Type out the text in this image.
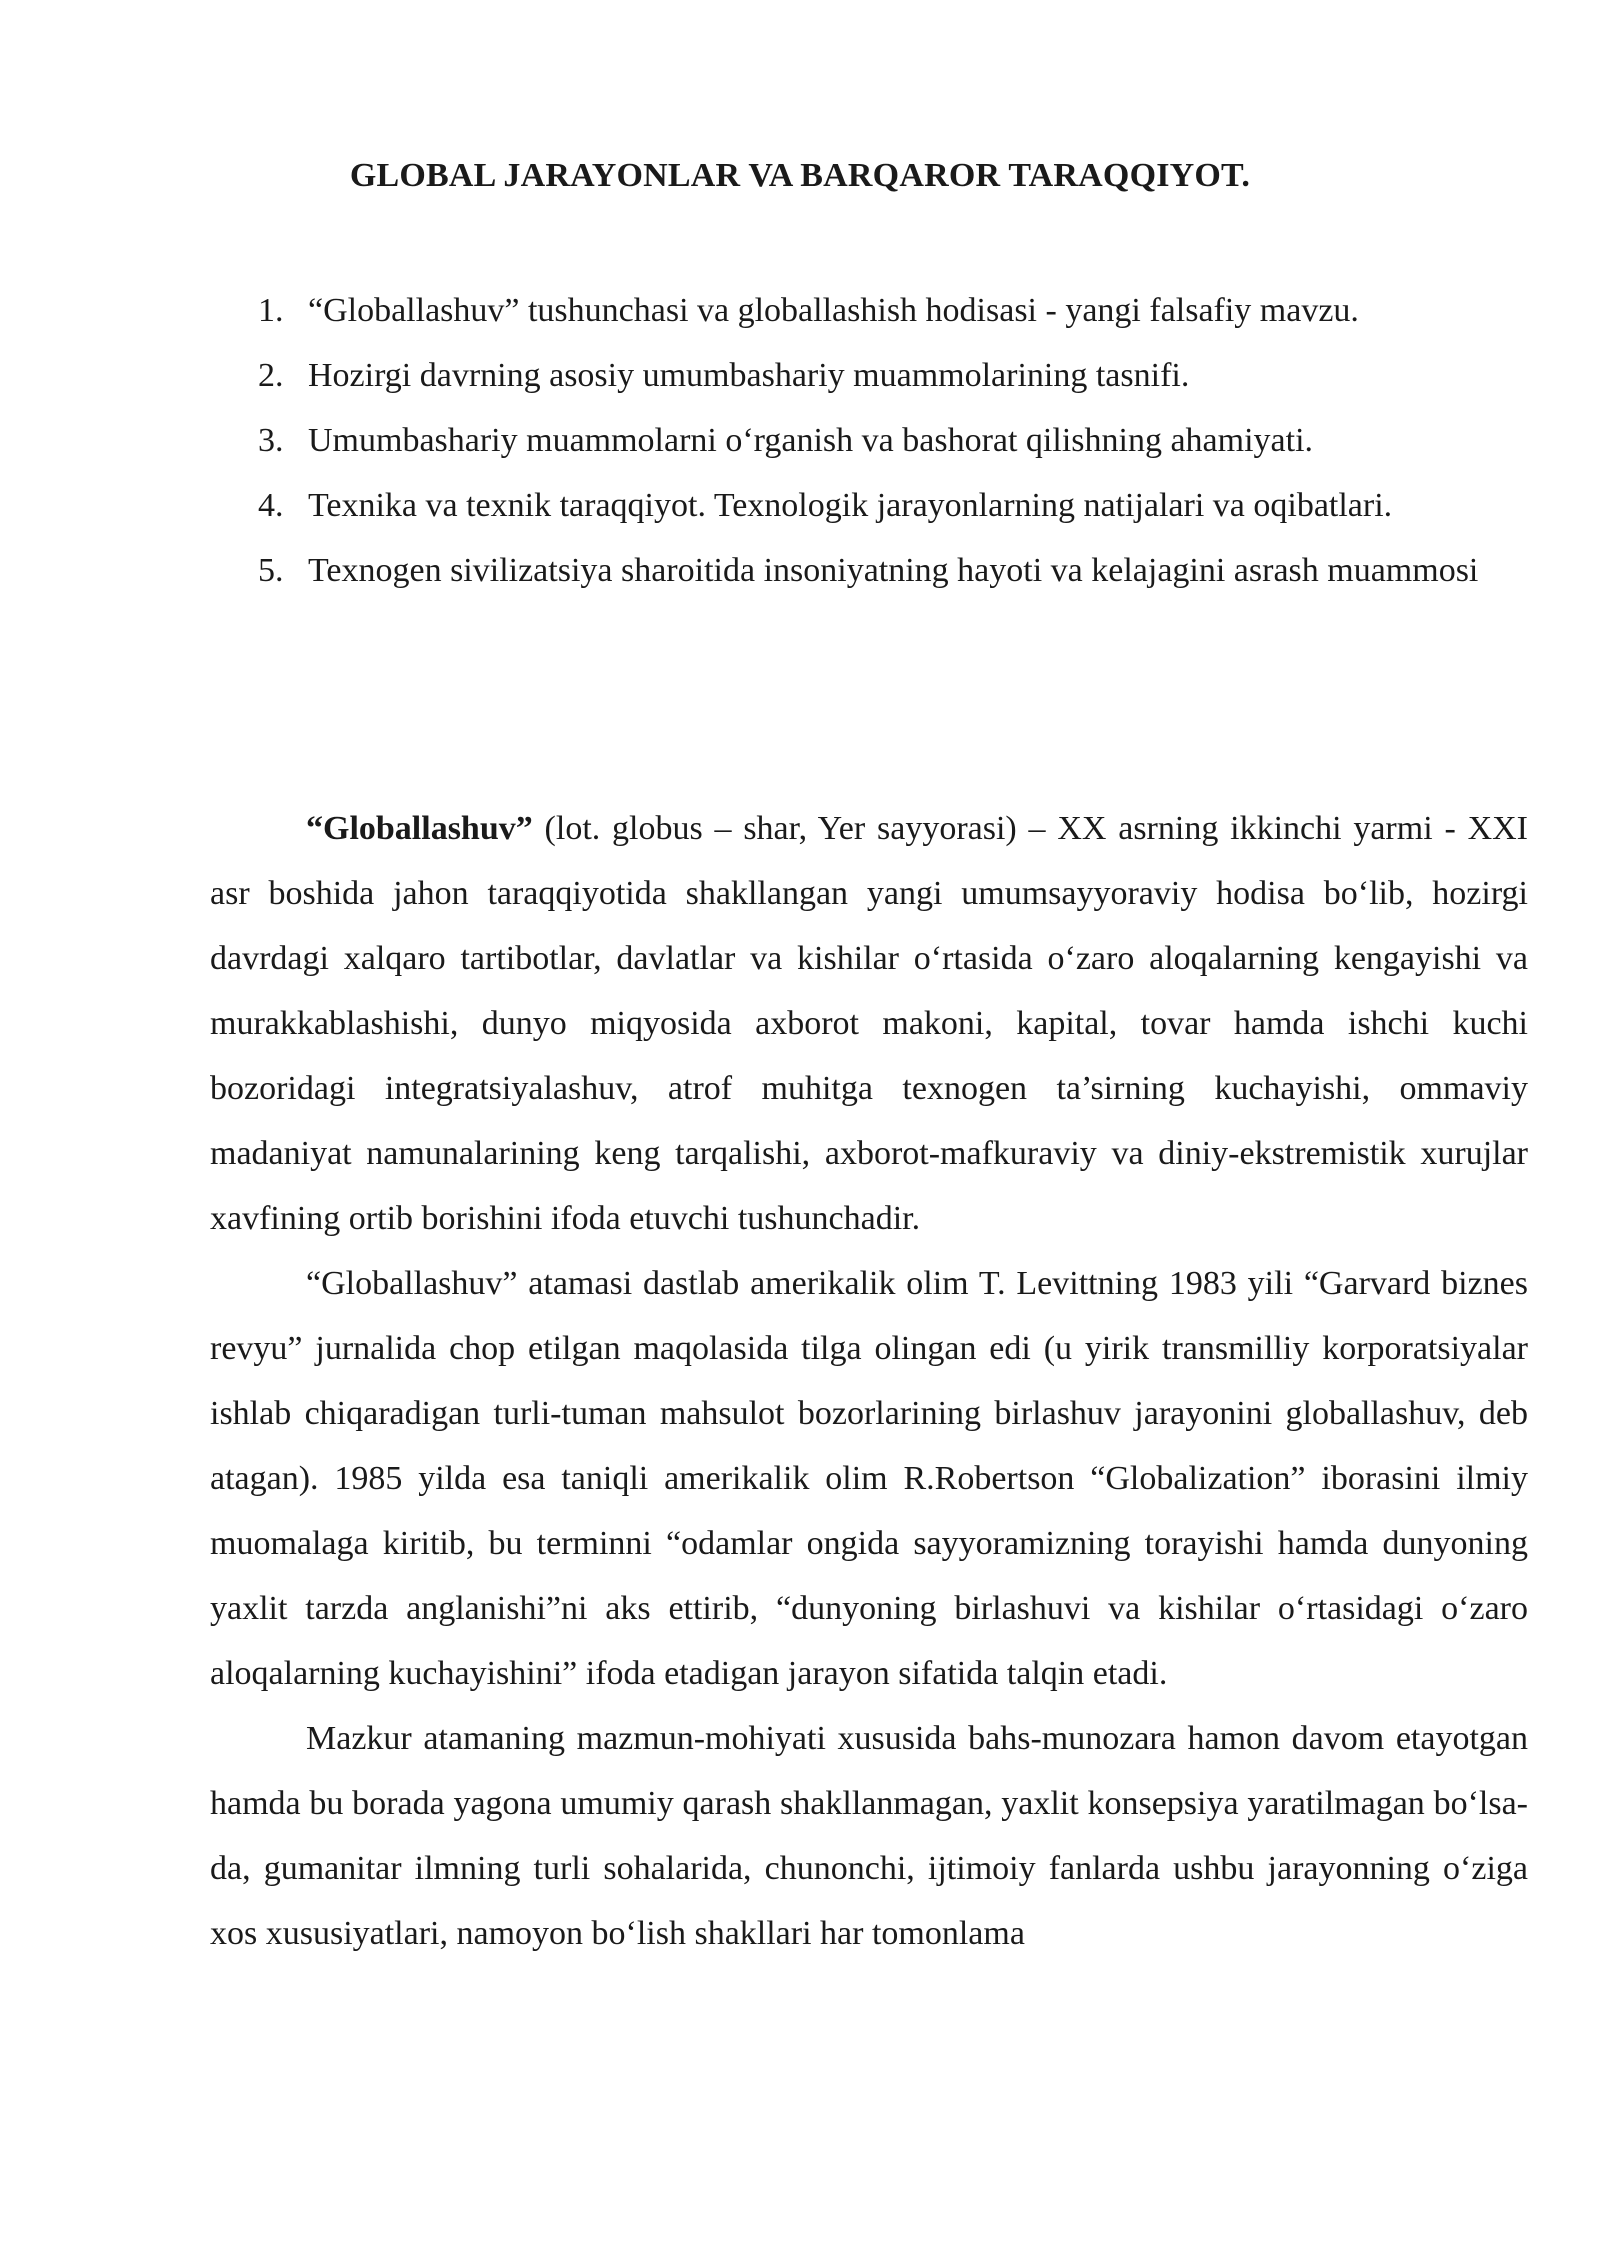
GLOBAL JARAYONLAR VA BARQAROR TARAQQIYOT.
1. “Globallashuv” tushunchasi va globallashish hodisasi - yangi falsafiy mavzu.
2. Hozirgi davrning asosiy umumbashariy muammolarining tasnifi.
3. Umumbashariy muammolarni o‘rganish va bashorat qilishning ahamiyati.
4. Texnika va texnik taraqqiyot. Texnologik jarayonlarning natijalari va oqibatlari.
5. Texnogen sivilizatsiya sharoitida insoniyatning hayoti va kelajagini asrash muammosi

“Globallashuv” (lot. globus – shar, Yer sayyorasi) – XX asrning ikkinchi yarmi - XXI asr boshida jahon taraqqiyotida shakllangan yangi umumsayyoraviy hodisa bo‘lib, hozirgi davrdagi xalqaro tartibotlar, davlatlar va kishilar o‘rtasida o‘zaro aloqalarning kengayishi va murakkablashishi, dunyo miqyosida axborot makoni, kapital, tovar hamda ishchi kuchi bozoridagi integratsiyalashuv, atrof muhitga texnogen ta’sirning kuchayishi, ommaviy madaniyat namunalarining keng tarqalishi, axborot-mafkuraviy va diniy-ekstremistik xurujlar xavfining ortib borishini ifoda etuvchi tushunchadir.

“Globallashuv” atamasi dastlab amerikalik olim T. Levittning 1983 yili “Garvard biznes revyu” jurnalida chop etilgan maqolasida tilga olingan edi (u yirik transmilliy korporatsiyalar ishlab chiqaradigan turli-tuman mahsulot bozorlarining birlashuv jarayonini globallashuv, deb atagan). 1985 yilda esa taniqli amerikalik olim R.Robertson “Globalization” iborasini ilmiy muomalaga kiritib, bu terminni “odamlar ongida sayyoramizning torayishi hamda dunyoning yaxlit tarzda anglanishi”ni aks ettirib, “dunyoning birlashuvi va kishilar o‘rtasidagi o‘zaro aloqalarning kuchayishini” ifoda etadigan jarayon sifatida talqin etadi.

Mazkur atamaning mazmun-mohiyati xususida bahs-munozara hamon davom etayotgan hamda bu borada yagona umumiy qarash shakllanmagan, yaxlit konsepsiya yaratilmagan bo‘lsa-da, gumanitar ilmning turli sohalarida, chunonchi, ijtimoiy fanlarda ushbu jarayonning o‘ziga xos xususiyatlari, namoyon bo‘lish shakllari har tomonlama
